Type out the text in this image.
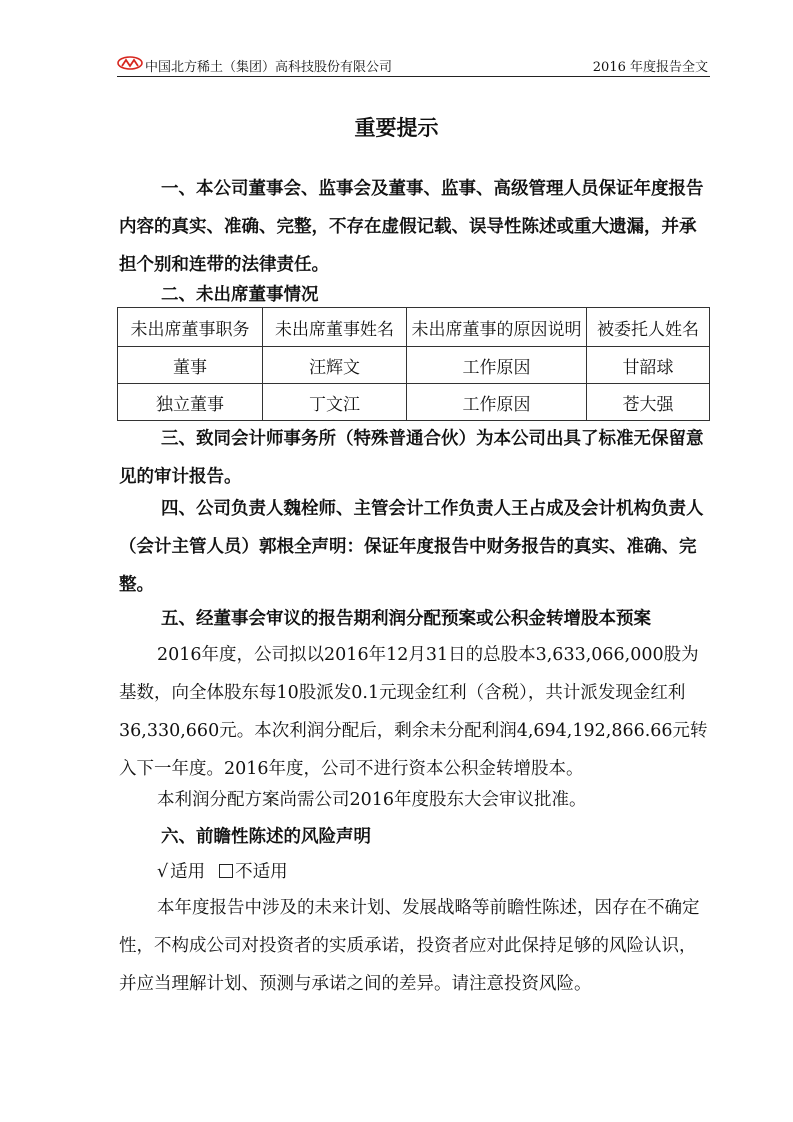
中国北方稀土（集团）高科技股份有限公司	2016 年度报告全文
重要提示

一、本公司董事会、监事会及董事、监事、高级管理人员保证年度报告内容的真实、准确、完整，不存在虚假记载、误导性陈述或重大遗漏，并承担个别和连带的法律责任。

二、未出席董事情况

未出席董事职务	未出席董事姓名	未出席董事的原因说明	被委托人姓名
董事	汪辉文	工作原因	甘韶球
独立董事	丁文江	工作原因	苍大强

三、致同会计师事务所（特殊普通合伙）为本公司出具了标准无保留意见的审计报告。

四、公司负责人魏栓师、主管会计工作负责人王占成及会计机构负责人（会计主管人员）郭根全声明：保证年度报告中财务报告的真实、准确、完整。

五、经董事会审议的报告期利润分配预案或公积金转增股本预案

2016年度，公司拟以2016年12月31日的总股本3,633,066,000股为基数，向全体股东每10股派发0.1元现金红利（含税），共计派发现金红利36,330,660元。本次利润分配后，剩余未分配利润4,694,192,866.66元转入下一年度。2016年度，公司不进行资本公积金转增股本。

本利润分配方案尚需公司2016年度股东大会审议批准。

六、前瞻性陈述的风险声明

√ 适用 不适用

本年度报告中涉及的未来计划、发展战略等前瞻性陈述，因存在不确定性，不构成公司对投资者的实质承诺，投资者应对此保持足够的风险认识，并应当理解计划、预测与承诺之间的差异。请注意投资风险。
